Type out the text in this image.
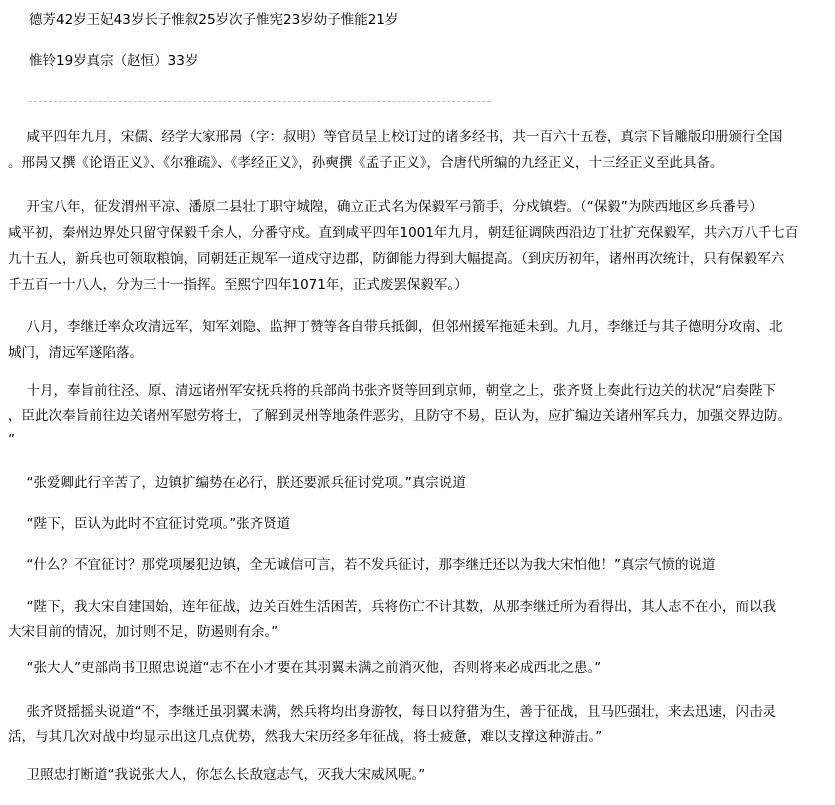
德芳42岁王妃43岁长子惟叙25岁次子惟宪23岁幼子惟能21岁
惟铃19岁真宗（赵恒）33岁
　咸平四年九月，宋儒、经学大家邢昺（字：叔明）等官员呈上校订过的诸多经书，共一百六十五卷，真宗下旨雕版印册颁行全国
。邢昺又撰《论语正义》、《尔雅疏》、《孝经正义》，孙奭撰《孟子正义》，合唐代所编的九经正义，十三经正义至此具备。
　开宝八年，征发渭州平凉、潘原二县壮丁职守城隍，确立正式名为保毅军弓箭手，分戍镇砦。（“保毅”为陕西地区乡兵番号）
咸平初，秦州边界处只留守保毅千余人，分番守戍。直到咸平四年1001年九月，朝廷征调陕西沿边丁壮扩充保毅军，共六万八千七百
九十五人，新兵也可领取粮饷，同朝廷正规军一道戍守边郡，防御能力得到大幅提高。（到庆历初年，诸州再次统计，只有保毅军六
千五百一十八人，分为三十一指挥。至熙宁四年1071年，正式废罢保毅军。）
　八月，李继迁率众攻清远军，知军刘隐、监押丁赞等各自带兵抵御，但邻州援军拖延未到。九月，李继迁与其子德明分攻南、北
城门，清远军遂陷落。
　十月，奉旨前往泾、原、清远诸州军安抚兵将的兵部尚书张齐贤等回到京师，朝堂之上，张齐贤上奏此行边关的状况“启奏陛下
，臣此次奉旨前往边关诸州军慰劳将士，了解到灵州等地条件恶劣，且防守不易，臣认为，应扩编边关诸州军兵力，加强交界边防。
”
　“张爱卿此行辛苦了，边镇扩编势在必行，朕还要派兵征讨党项。”真宗说道
　“陛下，臣认为此时不宜征讨党项。”张齐贤道
　“什么？不宜征讨？那党项屡犯边镇，全无诚信可言，若不发兵征讨，那李继迁还以为我大宋怕他！”真宗气愤的说道
　“陛下，我大宋自建国始，连年征战，边关百姓生活困苦，兵将伤亡不计其数，从那李继迁所为看得出，其人志不在小，而以我
大宋目前的情况，加讨则不足，防遏则有余。”
　“张大人”吏部尚书卫照忠说道“志不在小才要在其羽翼未满之前消灭他，否则将来必成西北之患。”
　张齐贤摇摇头说道“不，李继迁虽羽翼未满，然兵将均出身游牧，每日以狩猎为生，善于征战，且马匹强壮，来去迅速，闪击灵
活，与其几次对战中均显示出这几点优势，然我大宋历经多年征战，将士疲惫，难以支撑这种游击。”
　卫照忠打断道“我说张大人，你怎么长敌寇志气，灭我大宋威风呢。”
